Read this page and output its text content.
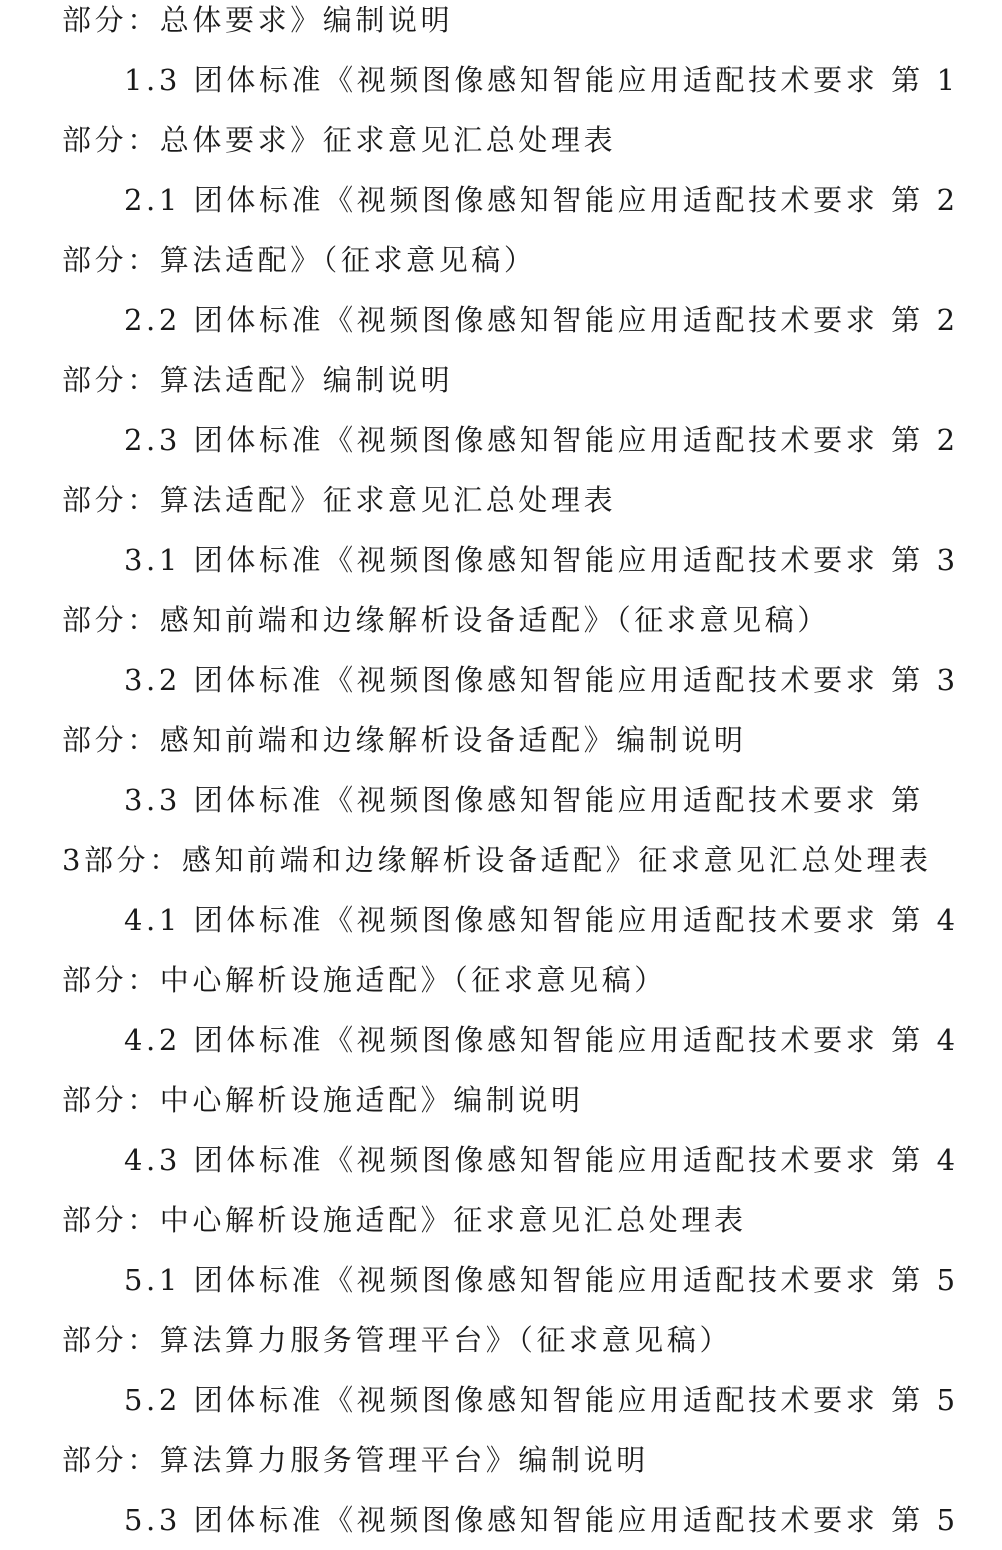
部分：总体要求》编制说明
1.3 团体标准《视频图像感知智能应用适配技术要求 第 1
部分：总体要求》征求意见汇总处理表
2.1 团体标准《视频图像感知智能应用适配技术要求 第 2
部分：算法适配》（征求意见稿）
2.2 团体标准《视频图像感知智能应用适配技术要求 第 2
部分：算法适配》编制说明
2.3 团体标准《视频图像感知智能应用适配技术要求 第 2
部分：算法适配》征求意见汇总处理表
3.1 团体标准《视频图像感知智能应用适配技术要求 第 3
部分：感知前端和边缘解析设备适配》（征求意见稿）
3.2 团体标准《视频图像感知智能应用适配技术要求 第 3
部分：感知前端和边缘解析设备适配》编制说明
3.3 团体标准《视频图像感知智能应用适配技术要求 第
3部分：感知前端和边缘解析设备适配》征求意见汇总处理表
4.1 团体标准《视频图像感知智能应用适配技术要求 第 4
部分：中心解析设施适配》（征求意见稿）
4.2 团体标准《视频图像感知智能应用适配技术要求 第 4
部分：中心解析设施适配》编制说明
4.3 团体标准《视频图像感知智能应用适配技术要求 第 4
部分：中心解析设施适配》征求意见汇总处理表
5.1 团体标准《视频图像感知智能应用适配技术要求 第 5
部分：算法算力服务管理平台》（征求意见稿）
5.2 团体标准《视频图像感知智能应用适配技术要求 第 5
部分：算法算力服务管理平台》编制说明
5.3 团体标准《视频图像感知智能应用适配技术要求 第 5
